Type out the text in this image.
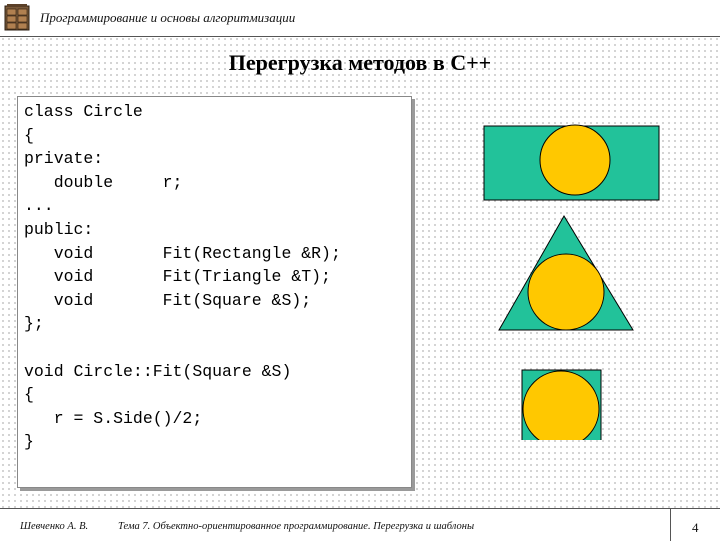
Программирование и основы алгоритмизации
Перегрузка методов в С++
class Circle
{
private:
double     r;
...
public:
void       Fit(Rectangle &R);
void       Fit(Triangle &T);
void       Fit(Square &S);
};

void Circle::Fit(Square &S)
{
r = S.Side()/2;
}
Шевченко А. В.	Тема 7. Объектно-ориентированное программирование. Перегрузка и шаблоны	4
